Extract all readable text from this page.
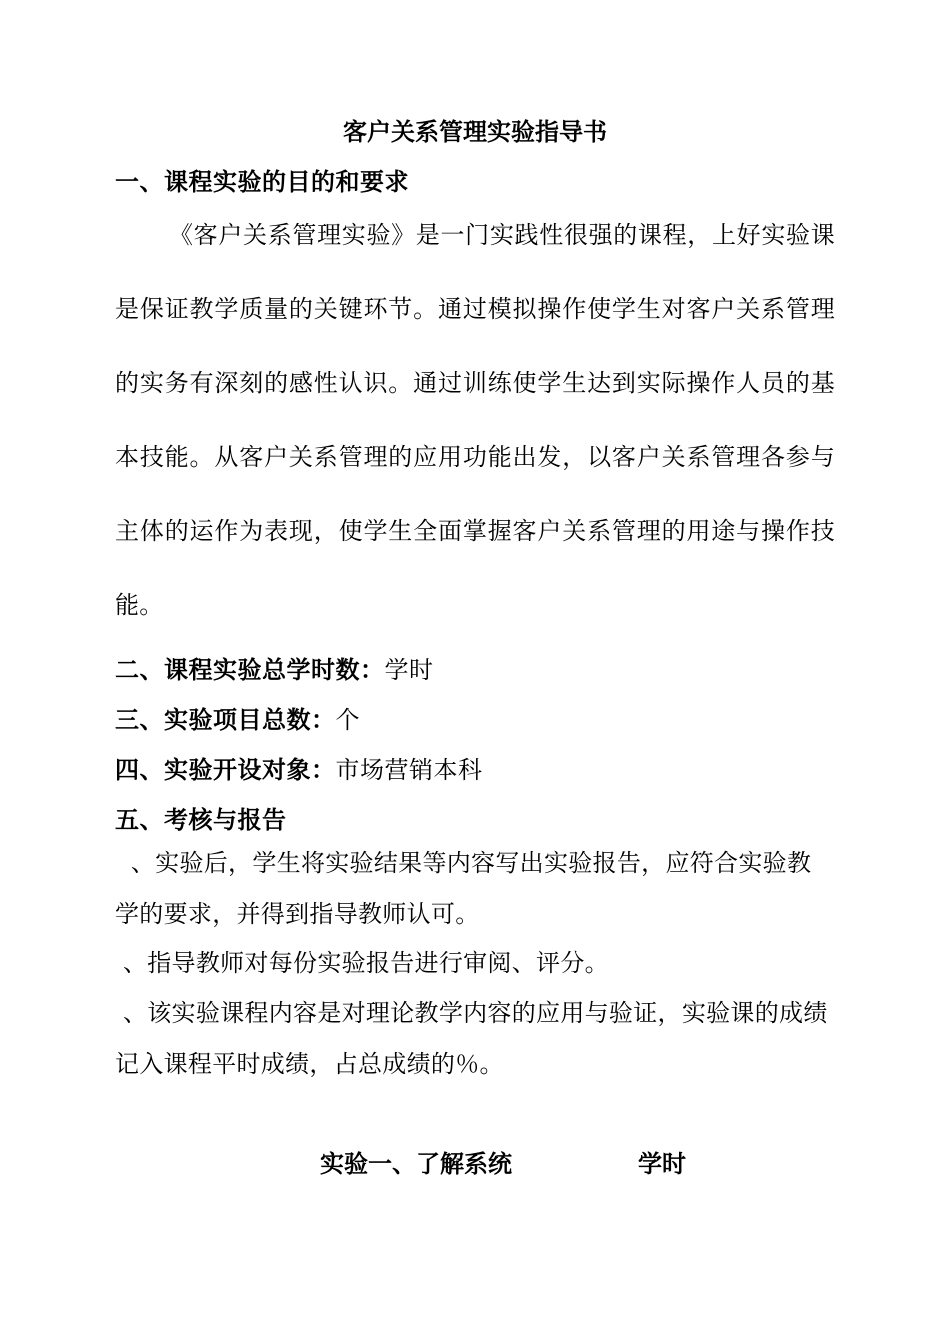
客户关系管理实验指导书
一、课程实验的目的和要求
《客户关系管理实验》是一门实践性很强的课程，上好实验课是保证教学质量的关键环节。通过模拟操作使学生对客户关系管理的实务有深刻的感性认识。通过训练使学生达到实际操作人员的基本技能。从客户关系管理的应用功能出发，以客户关系管理各参与主体的运作为表现，使学生全面掌握客户关系管理的用途与操作技能。
二、课程实验总学时数：学时
三、实验项目总数：个
四、实验开设对象：市场营销本科
五、考核与报告
、实验后，学生将实验结果等内容写出实验报告，应符合实验教学的要求，并得到指导教师认可。
、指导教师对每份实验报告进行审阅、评分。
、该实验课程内容是对理论教学内容的应用与验证，实验课的成绩记入课程平时成绩，占总成绩的％。
实验一、了解系统	学时
